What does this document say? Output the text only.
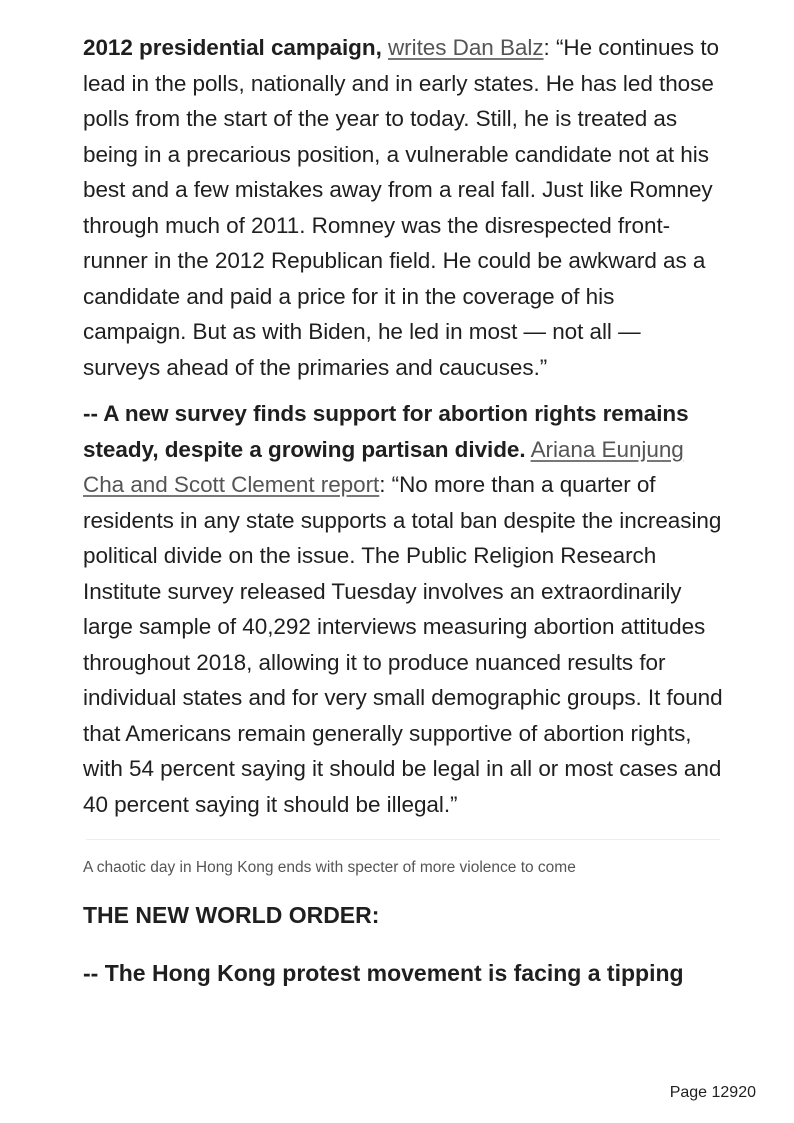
2012 presidential campaign, writes Dan Balz: “He continues to lead in the polls, nationally and in early states. He has led those polls from the start of the year to today. Still, he is treated as being in a precarious position, a vulnerable candidate not at his best and a few mistakes away from a real fall. Just like Romney through much of 2011. Romney was the disrespected front-runner in the 2012 Republican field. He could be awkward as a candidate and paid a price for it in the coverage of his campaign. But as with Biden, he led in most — not all — surveys ahead of the primaries and caucuses.”

-- A new survey finds support for abortion rights remains steady, despite a growing partisan divide. Ariana Eunjung Cha and Scott Clement report: “No more than a quarter of residents in any state supports a total ban despite the increasing political divide on the issue. The Public Religion Research Institute survey released Tuesday involves an extraordinarily large sample of 40,292 interviews measuring abortion attitudes throughout 2018, allowing it to produce nuanced results for individual states and for very small demographic groups. It found that Americans remain generally supportive of abortion rights, with 54 percent saying it should be legal in all or most cases and 40 percent saying it should be illegal.”

A chaotic day in Hong Kong ends with specter of more violence to come

THE NEW WORLD ORDER:

-- The Hong Kong protest movement is facing a tipping

Page 12920
